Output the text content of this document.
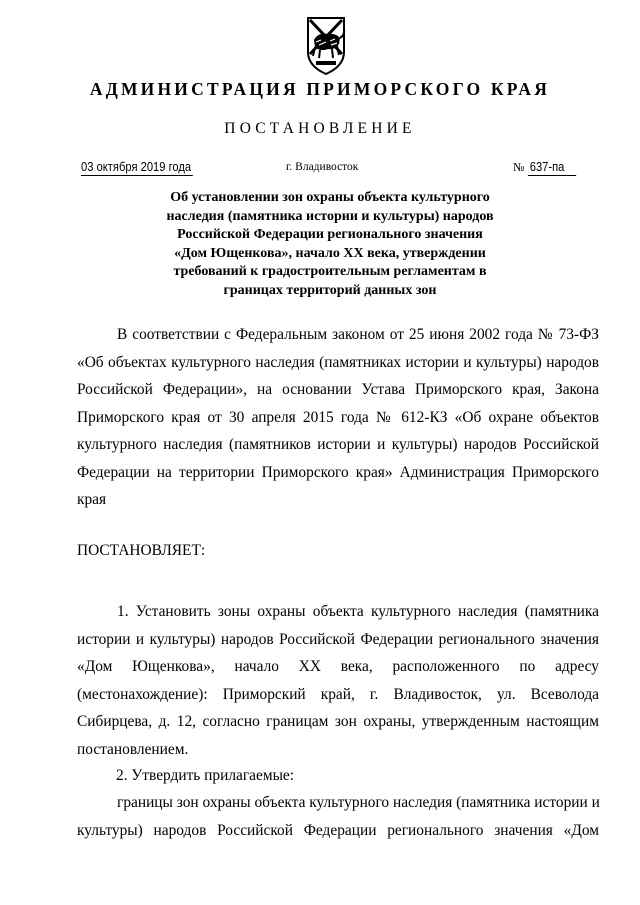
АДМИНИСТРАЦИЯ ПРИМОРСКОГО КРАЯ
ПОСТАНОВЛЕНИЕ
03 октября 2019 года	г. Владивосток	№ 637-па
Об установлении зон охраны объекта культурного
наследия (памятника истории и культуры) народов
Российской Федерации регионального значения
«Дом Ющенкова», начало XX века, утверждении
требований к градостроительным регламентам в
границах территорий данных зон
В соответствии с Федеральным законом от 25 июня 2002 года № 73-ФЗ
«Об объектах культурного наследия (памятниках истории и культуры) народов
Российской Федерации», на основании Устава Приморского края, Закона
Приморского края от 30 апреля 2015 года № 612-КЗ «Об охране объектов
культурного наследия (памятников истории и культуры) народов Российской
Федерации на территории Приморского края» Администрация Приморского
края
ПОСТАНОВЛЯЕТ:
1. Установить зоны охраны объекта культурного наследия (памятника
истории и культуры) народов Российской Федерации регионального значения
«Дом Ющенкова», начало XX века, расположенного по адресу
(местонахождение): Приморский край, г. Владивосток, ул. Всеволода
Сибирцева, д. 12, согласно границам зон охраны, утвержденным настоящим
постановлением.
2. Утвердить прилагаемые:
границы зон охраны объекта культурного наследия (памятника истории и
культуры) народов Российской Федерации регионального значения «Дом
